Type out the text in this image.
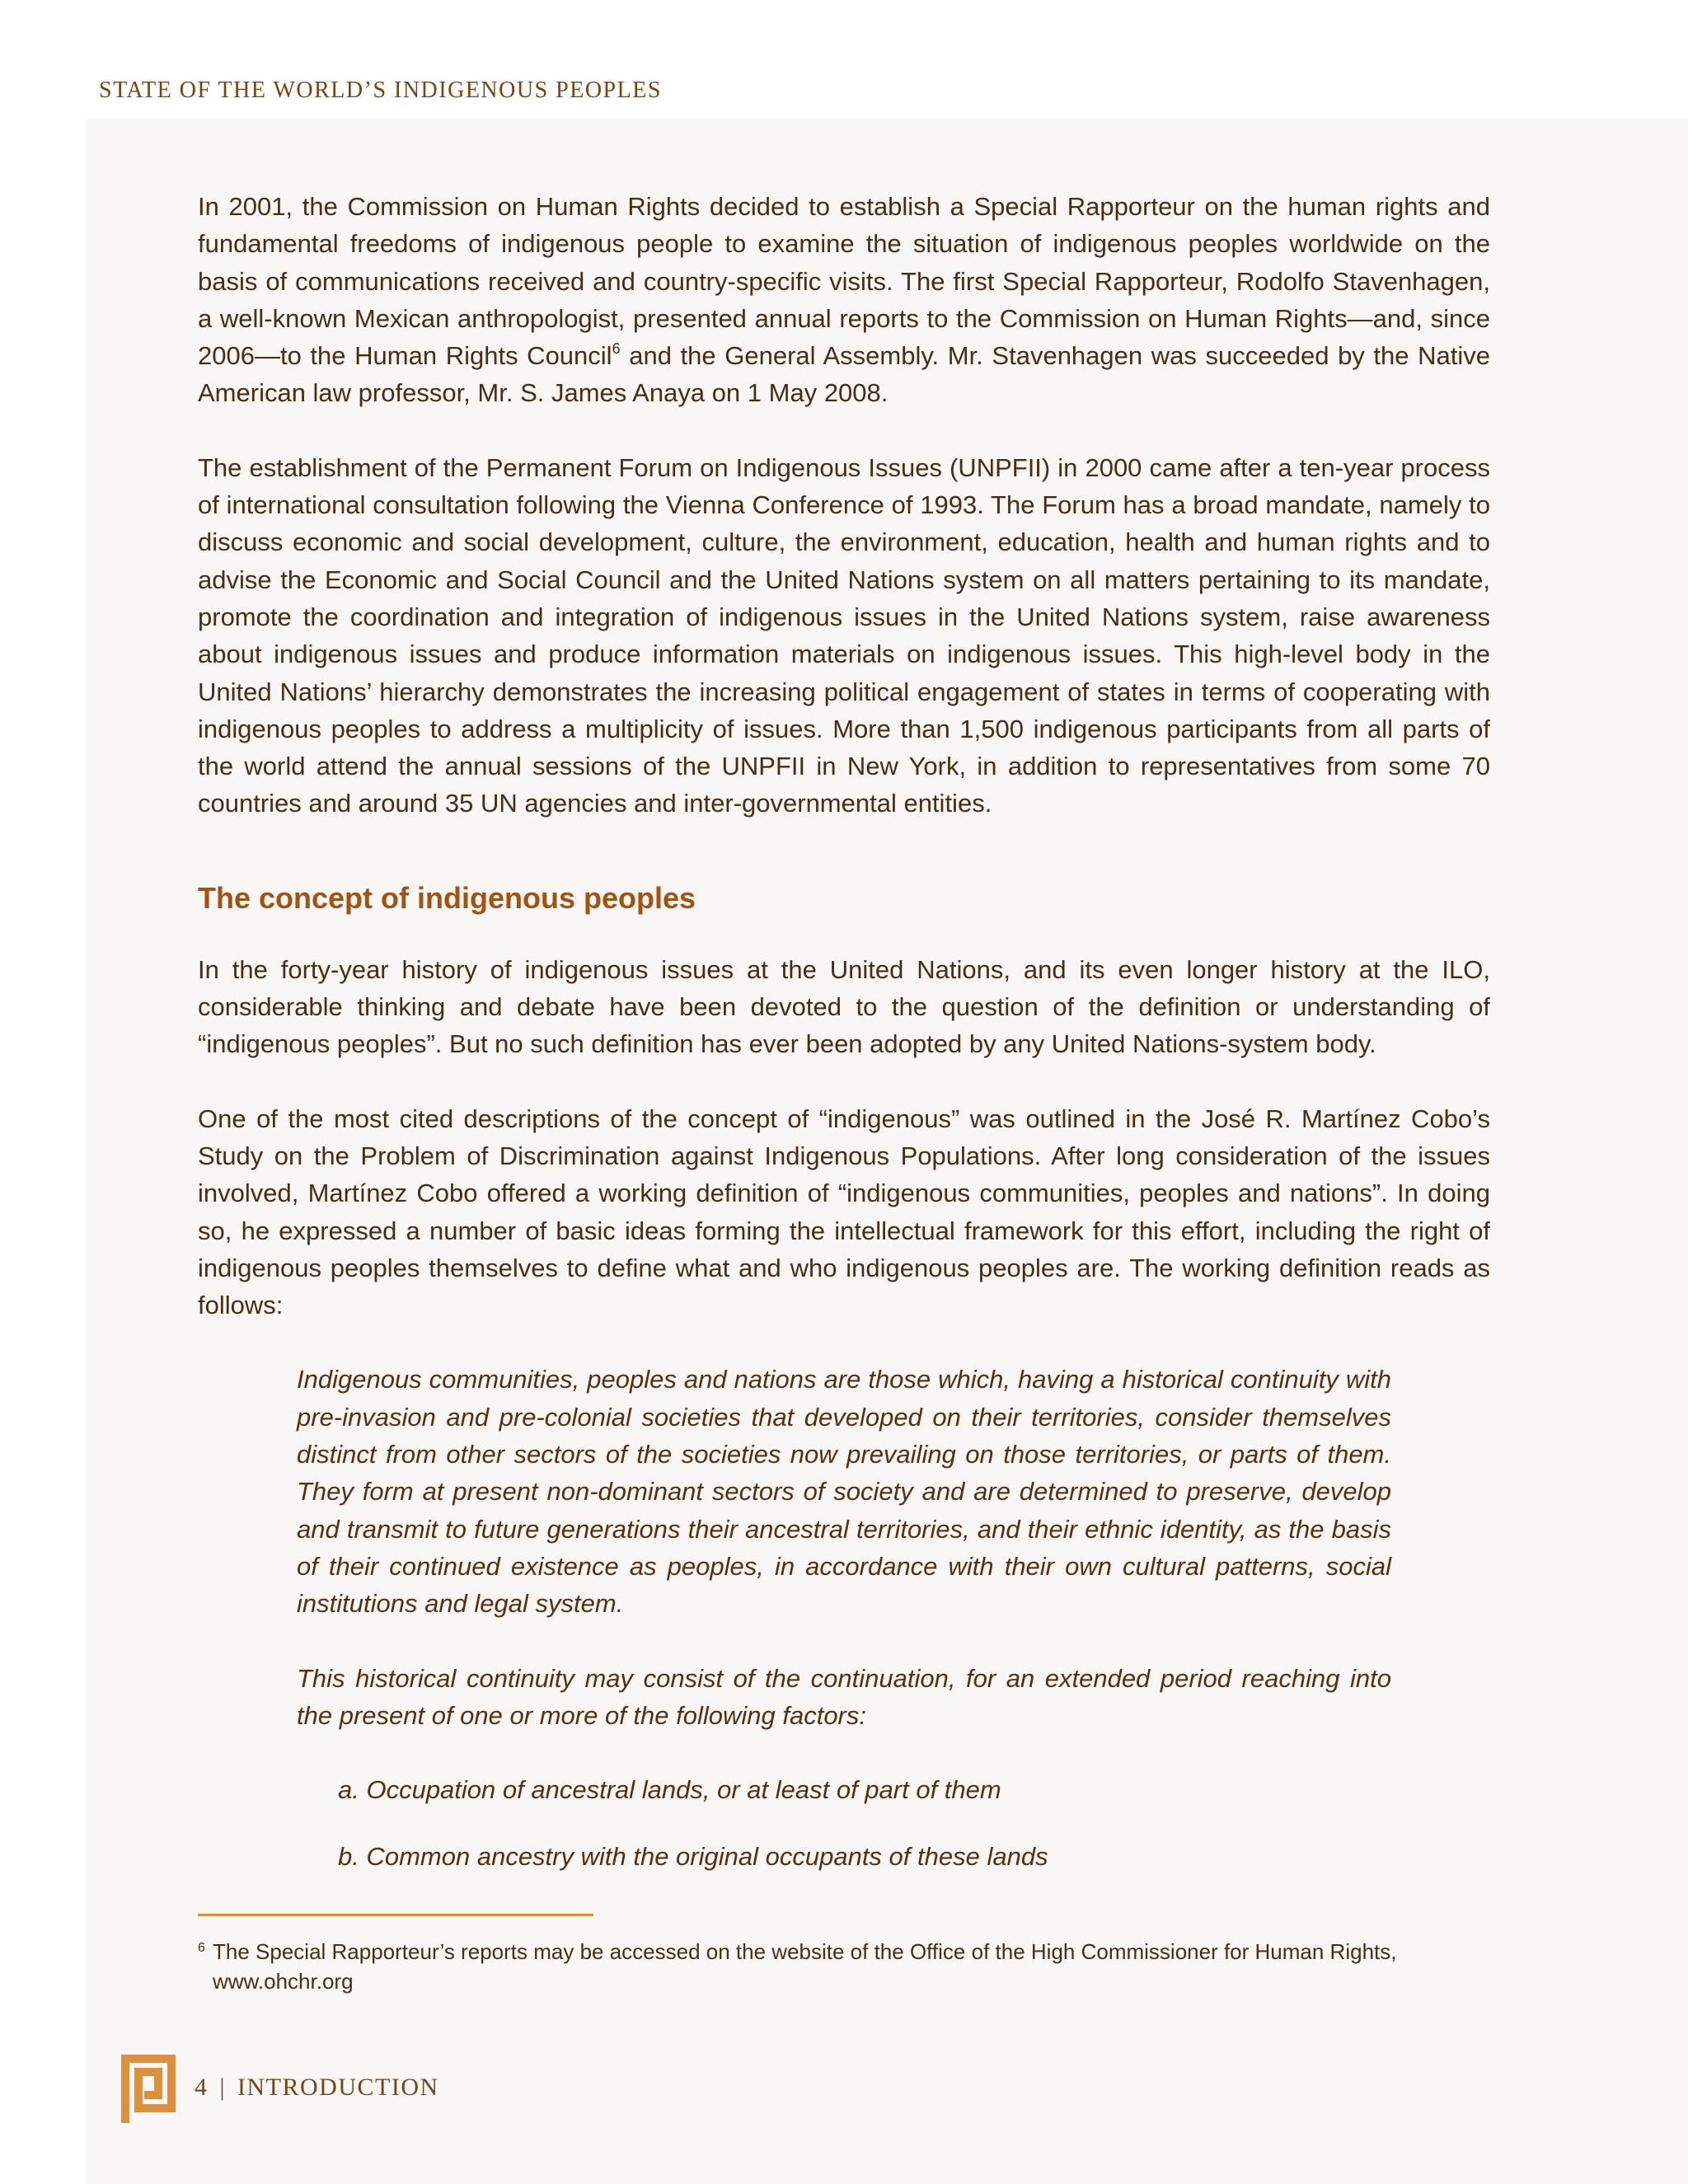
STATE OF THE WORLD’S INDIGENOUS PEOPLES

In 2001, the Commission on Human Rights decided to establish a Special Rapporteur on the human rights and fundamental freedoms of indigenous people to examine the situation of indigenous peoples worldwide on the basis of communications received and country-specific visits. The first Special Rapporteur, Rodolfo Stavenhagen, a well-known Mexican anthropologist, presented annual reports to the Commission on Human Rights—and, since 2006—to the Human Rights Council$^6$ and the General Assembly. Mr. Stavenhagen was succeeded by the Native American law professor, Mr. S. James Anaya on 1 May 2008.

The establishment of the Permanent Forum on Indigenous Issues (UNPFII) in 2000 came after a ten-year process of international consultation following the Vienna Conference of 1993. The Forum has a broad mandate, namely to discuss economic and social development, culture, the environment, education, health and human rights and to advise the Economic and Social Council and the United Nations system on all matters pertaining to its mandate, promote the coordination and integration of indigenous issues in the United Nations system, raise awareness about indigenous issues and produce information materials on indigenous issues. This high-level body in the United Nations’ hierarchy demonstrates the increasing political engagement of states in terms of cooperating with indigenous peoples to address a multiplicity of issues. More than 1,500 indigenous participants from all parts of the world attend the annual sessions of the UNPFII in New York, in addition to representatives from some 70 countries and around 35 UN agencies and inter-governmental entities.

The concept of indigenous peoples

In the forty-year history of indigenous issues at the United Nations, and its even longer history at the ILO, considerable thinking and debate have been devoted to the question of the definition or understanding of “indigenous peoples”. But no such definition has ever been adopted by any United Nations-system body.

One of the most cited descriptions of the concept of “indigenous” was outlined in the José R. Martínez Cobo’s Study on the Problem of Discrimination against Indigenous Populations. After long consideration of the issues involved, Martínez Cobo offered a working definition of “indigenous communities, peoples and nations”. In doing so, he expressed a number of basic ideas forming the intellectual framework for this effort, including the right of indigenous peoples themselves to define what and who indigenous peoples are. The working definition reads as follows:

Indigenous communities, peoples and nations are those which, having a historical continuity with pre-invasion and pre-colonial societies that developed on their territories, consider themselves distinct from other sectors of the societies now prevailing on those territories, or parts of them. They form at present non-dominant sectors of society and are determined to preserve, develop and transmit to future generations their ancestral territories, and their ethnic identity, as the basis of their continued existence as peoples, in accordance with their own cultural patterns, social institutions and legal system.

This historical continuity may consist of the continuation, for an extended period reaching into the present of one or more of the following factors:

a. Occupation of ancestral lands, or at least of part of them
b. Common ancestry with the original occupants of these lands
6 The Special Rapporteur’s reports may be accessed on the website of the Office of the High Commissioner for Human Rights, www.ohchr.org
4 | INTRODUCTION
